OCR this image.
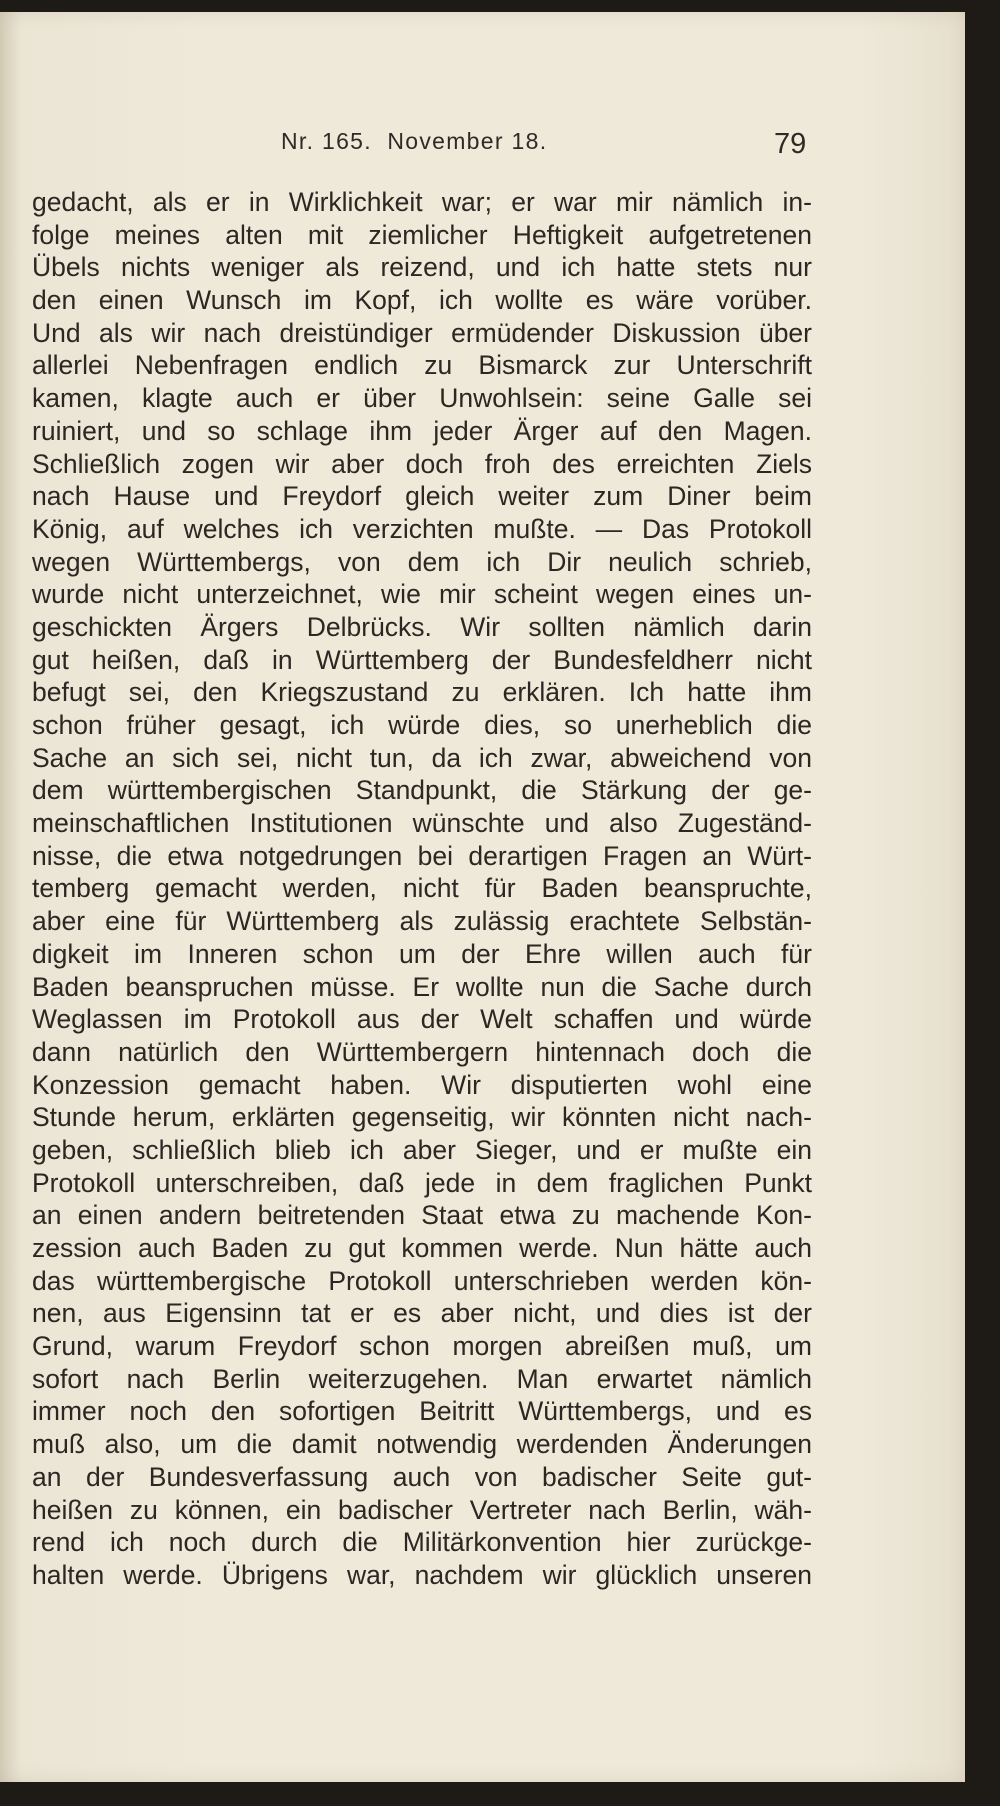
Nr. 165.  November 18.	79
gedacht, als er in Wirklichkeit war; er war mir nämlich in-
folge meines alten mit ziemlicher Heftigkeit aufgetretenen
Übels nichts weniger als reizend, und ich hatte stets nur
den einen Wunsch im Kopf, ich wollte es wäre vorüber.
Und als wir nach dreistündiger ermüdender Diskussion über
allerlei Nebenfragen endlich zu Bismarck zur Unterschrift
kamen, klagte auch er über Unwohlsein: seine Galle sei
ruiniert, und so schlage ihm jeder Ärger auf den Magen.
Schließlich zogen wir aber doch froh des erreichten Ziels
nach Hause und Freydorf gleich weiter zum Diner beim
König, auf welches ich verzichten mußte. — Das Protokoll
wegen Württembergs, von dem ich Dir neulich schrieb,
wurde nicht unterzeichnet, wie mir scheint wegen eines un-
geschickten Ärgers Delbrücks. Wir sollten nämlich darin
gut heißen, daß in Württemberg der Bundesfeldherr nicht
befugt sei, den Kriegszustand zu erklären. Ich hatte ihm
schon früher gesagt, ich würde dies, so unerheblich die
Sache an sich sei, nicht tun, da ich zwar, abweichend von
dem württembergischen Standpunkt, die Stärkung der ge-
meinschaftlichen Institutionen wünschte und also Zugeständ-
nisse, die etwa notgedrungen bei derartigen Fragen an Würt-
temberg gemacht werden, nicht für Baden beanspruchte,
aber eine für Württemberg als zulässig erachtete Selbstän-
digkeit im Inneren schon um der Ehre willen auch für
Baden beanspruchen müsse. Er wollte nun die Sache durch
Weglassen im Protokoll aus der Welt schaffen und würde
dann natürlich den Württembergern hintennach doch die
Konzession gemacht haben. Wir disputierten wohl eine
Stunde herum, erklärten gegenseitig, wir könnten nicht nach-
geben, schließlich blieb ich aber Sieger, und er mußte ein
Protokoll unterschreiben, daß jede in dem fraglichen Punkt
an einen andern beitretenden Staat etwa zu machende Kon-
zession auch Baden zu gut kommen werde. Nun hätte auch
das württembergische Protokoll unterschrieben werden kön-
nen, aus Eigensinn tat er es aber nicht, und dies ist der
Grund, warum Freydorf schon morgen abreißen muß, um
sofort nach Berlin weiterzugehen. Man erwartet nämlich
immer noch den sofortigen Beitritt Württembergs, und es
muß also, um die damit notwendig werdenden Änderungen
an der Bundesverfassung auch von badischer Seite gut-
heißen zu können, ein badischer Vertreter nach Berlin, wäh-
rend ich noch durch die Militärkonvention hier zurückge-
halten werde. Übrigens war, nachdem wir glücklich unseren
